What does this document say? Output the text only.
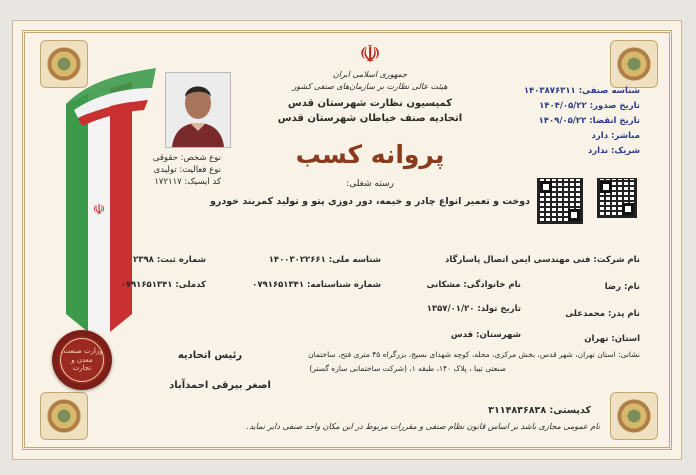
☫
وزارت صنعت، معدن و تجارت
نوع شخص: حقوقی
نوع فعالیت: تولیدی
کد ایسیک: ۱۷۲۱۱۷
☫
جمهوری اسلامی ایران
هیئت عالی نظارت بر سازمان‌های صنفی کشور
کمیسیون نظارت شهرستان قدس
اتحادیه صنف خیاطان شهرستان قدس
پروانه کسب
رسته شغلی:
دوخت و تعمیر انواع چادر و خیمه، دور دوزی پتو و تولید کمربند خودرو
شناسه صنفی: ۱۴۰۳۸۷۶۳۱۱
تاریخ صدور: ۱۴۰۴/۰۵/۲۲
تاریخ انقضا: ۱۴۰۹/۰۵/۲۲
مباشر: دارد
شریک: ندارد
نام شرکت: فنی مهندسی ایمن اتصال پاسارگاد
شناسه ملی: ۱۴۰۰۳۰۲۲۶۶۱
شماره ثبت: ۲۳۹۸
نام: رضا
نام خانوادگی: مشکانی
شماره شناسنامه: ۰۷۹۱۶۵۱۳۴۱
کدملی: ۰۷۹۱۶۵۱۳۴۱
نام پدر: محمدعلی
تاریخ تولد: ۱۳۵۷/۰۱/۲۰
استان: تهران
شهرستان: قدس
نشانی: استان تهران، شهر قدس، بخش مرکزی، محله، کوچه شهدای بسیج، بزرگراه ۴۵ متری فتح، ساختمان
صنعتی تیبا ، پلاک ۱۴۰، طبقه ۱، (شرکت ساختمانی سازه گستر)
کدپستی: ۳۱۱۴۸۳۶۸۳۸
رئیس اتحادیه
اصغر بیرقی احمدآباد
نام عمومی مجازی باشد بر اساس قانون نظام صنفی و مقررات مربوط در این مکان واحد صنفی دایر نماید.
